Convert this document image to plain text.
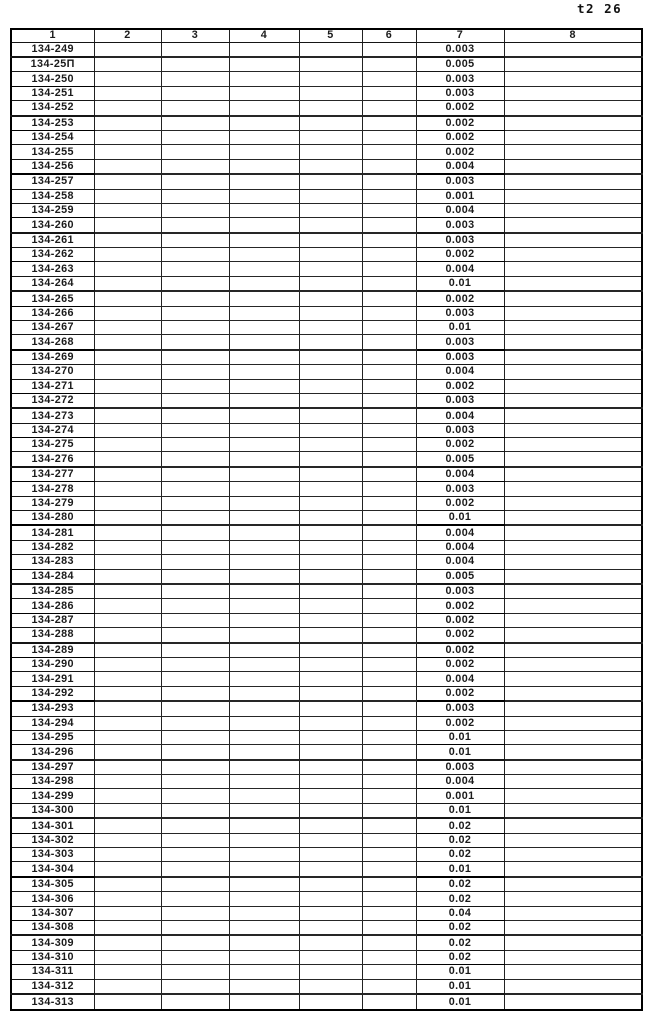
t2 26
1	2	3	4	5	6	7	8
134-249						0.003	
134-25П						0.005	
134-250						0.003	
134-251						0.003	
134-252						0.002	
134-253						0.002	
134-254						0.002	
134-255						0.002	
134-256						0.004	
134-257						0.003	
134-258						0.001	
134-259						0.004	
134-260						0.003	
134-261						0.003	
134-262						0.002	
134-263						0.004	
134-264						0.01	
134-265						0.002	
134-266						0.003	
134-267						0.01	
134-268						0.003	
134-269						0.003	
134-270						0.004	
134-271						0.002	
134-272						0.003	
134-273						0.004	
134-274						0.003	
134-275						0.002	
134-276						0.005	
134-277						0.004	
134-278						0.003	
134-279						0.002	
134-280						0.01	
134-281						0.004	
134-282						0.004	
134-283						0.004	
134-284						0.005	
134-285						0.003	
134-286						0.002	
134-287						0.002	
134-288						0.002	
134-289						0.002	
134-290						0.002	
134-291						0.004	
134-292						0.002	
134-293						0.003	
134-294						0.002	
134-295						0.01	
134-296						0.01	
134-297						0.003	
134-298						0.004	
134-299						0.001	
134-300						0.01	
134-301						0.02	
134-302						0.02	
134-303						0.02	
134-304						0.01	
134-305						0.02	
134-306						0.02	
134-307						0.04	
134-308						0.02	
134-309						0.02	
134-310						0.02	
134-311						0.01	
134-312						0.01	
134-313						0.01	
